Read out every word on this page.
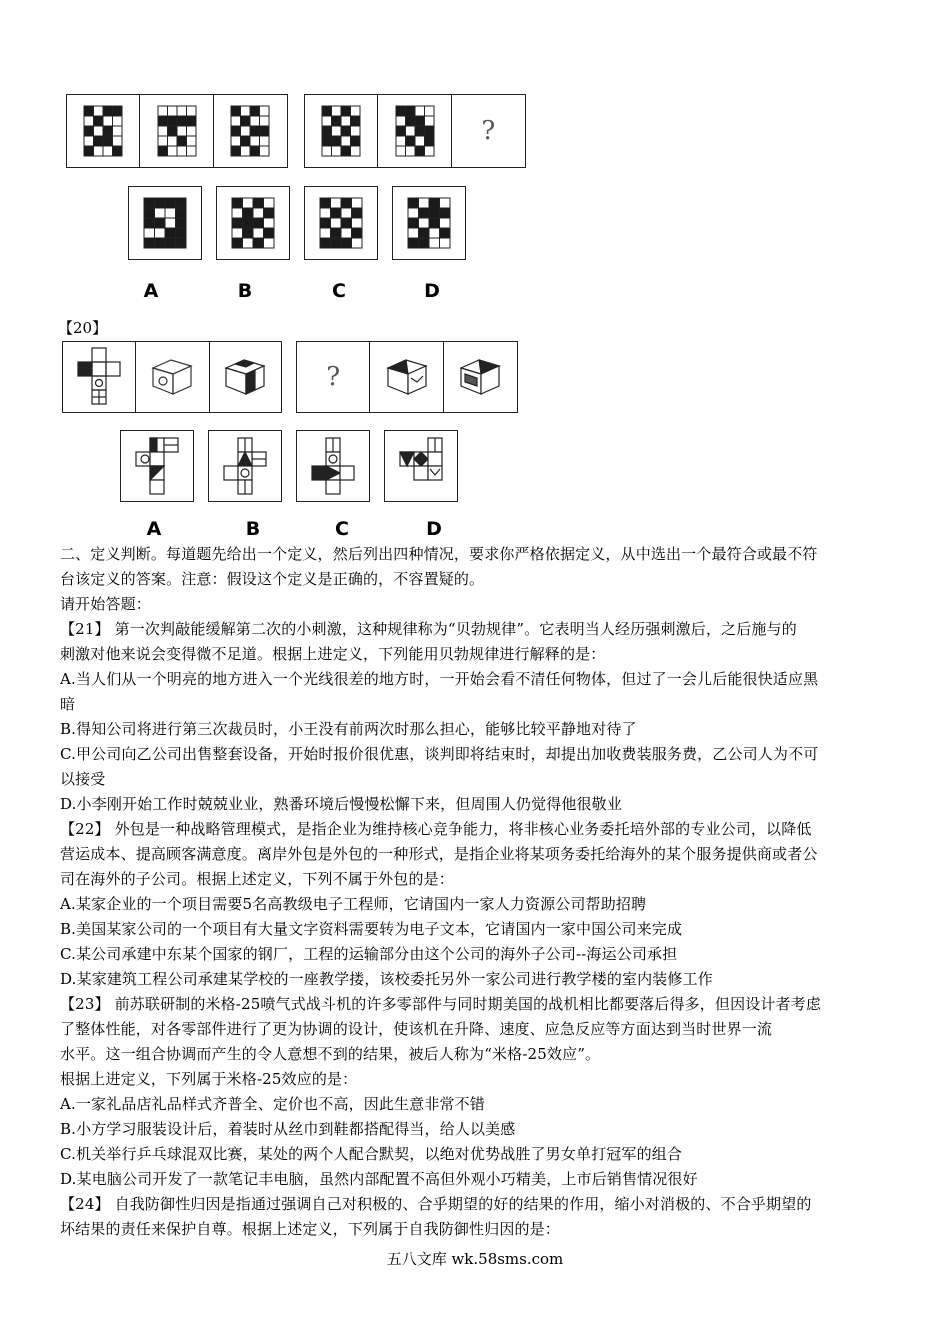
?
A	B	C	D
【20】
?
A	B	C	D
二、定义判断。每道题先给出一个定义，然后列出四种情况，要求你严格依据定义，从中选出一个最符合或最不符
台该定义的答案。注意：假设这个定义是正确的，不容置疑的。
请开始答题：
【21】 第一次判敲能缓解第二次的小刺激，这种规律称为“贝勃规律”。它表明当人经历强刺激后，之后施与的
刺激对他来说会变得微不足道。根据上进定义，下列能用贝勃规律进行解释的是：
A.当人们从一个明亮的地方进入一个光线很差的地方时，一开始会看不清任何物体，但过了一会儿后能很快适应黑
暗
B.得知公司将进行第三次裁员时，小王没有前两次时那么担心，能够比较平静地对待了
C.甲公司向乙公司出售整套设备，开始时报价很优惠，谈判即将结束时，却提出加收费装服务费，乙公司人为不可
以接受
D.小李刚开始工作时兢兢业业，熟番环境后慢慢松懈下来，但周围人仍觉得他很敬业
【22】 外包是一种战略管理模式，是指企业为维持核心竞争能力，将非核心业务委托培外部的专业公司，以降低
营运成本、提高顾客满意度。离岸外包是外包的一种形式，是指企业将某项务委托给海外的某个服务提供商或者公
司在海外的子公司。根据上述定义，下列不属于外包的是：
A.某家企业的一个项目需要5名高教级电子工程师，它请国内一家人力资源公司帮助招聘
B.美国某家公司的一个项目有大量文字资料需要转为电子文本，它请国内一家中国公司来完成
C.某公司承建中东某个国家的钢厂，工程的运输部分由这个公司的海外子公司--海运公司承担
D.某家建筑工程公司承建某学校的一座教学搂，该校委托另外一家公司进行教学楼的室内装修工作
【23】 前苏联研制的米格-25喷气式战斗机的许多零部件与同时期美国的战机相比都要落后得多，但因设计者考虑
了整体性能，对各零部件进行了更为协调的设计，使该机在升降、速度、应急反应等方面达到当时世界一流
水平。这一组合协调而产生的令人意想不到的结果，被后人称为“米格-25效应”。
根据上进定义，下列属于米格-25效应的是：
A.一家礼品店礼品样式齐普全、定价也不高，因此生意非常不错
B.小方学习服装设计后，着装时从丝巾到鞋都搭配得当，给人以美感
C.机关举行乒乓球混双比赛，某处的两个人配合默契，以绝对优势战胜了男女单打冠军的组合
D.某电脑公司开发了一款笔记丰电脑，虽然内部配置不高但外观小巧精美，上市后销售情况很好
【24】 自我防御性归因是指通过强调自己对积极的、合乎期望的好的结果的作用，缩小对消极的、不合乎期望的
坏结果的责任来保护自尊。根据上述定义，下列属于自我防御性归因的是：
五八文库 wk.58sms.com
